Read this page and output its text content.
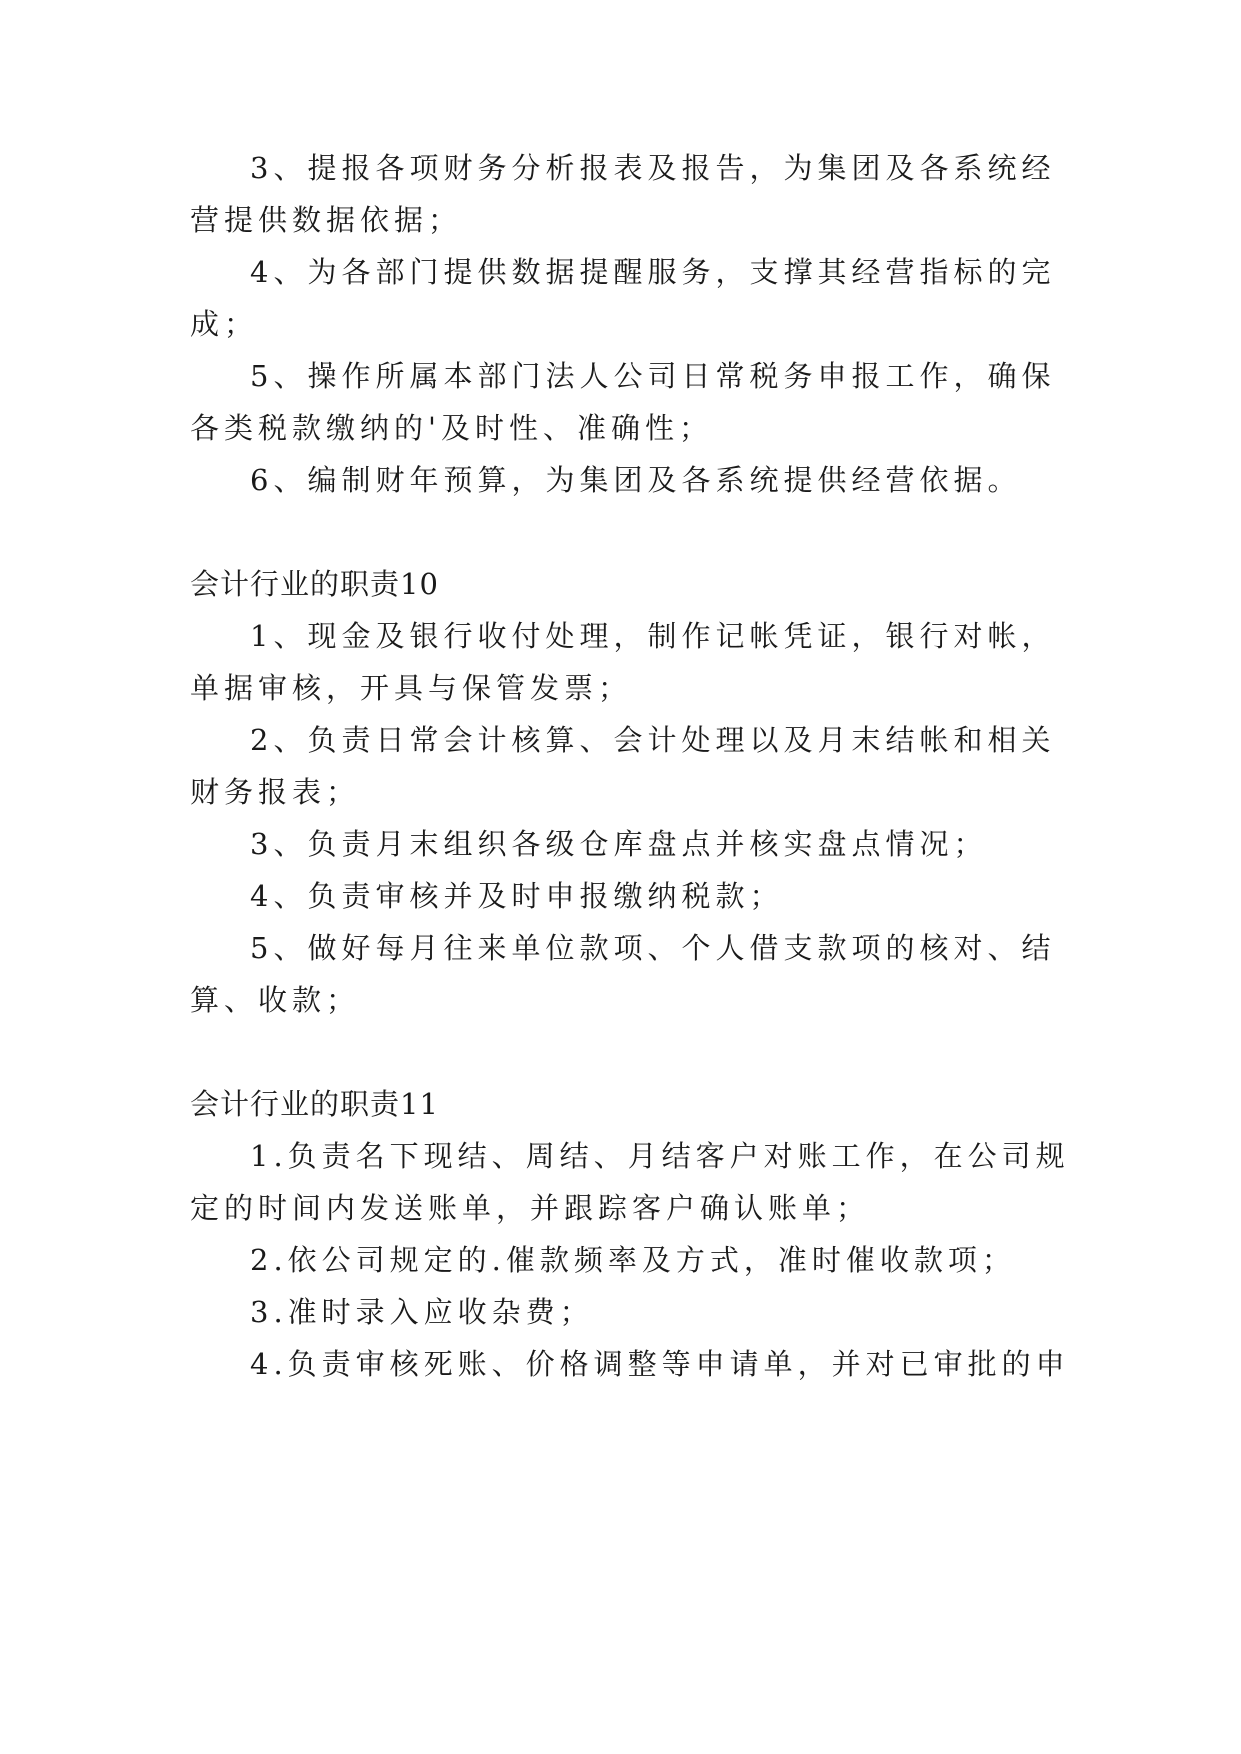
3、提报各项财务分析报表及报告，为集团及各系统经
营提供数据依据；
4、为各部门提供数据提醒服务，支撑其经营指标的完
成；
5、操作所属本部门法人公司日常税务申报工作，确保
各类税款缴纳的'及时性、准确性；
6、编制财年预算，为集团及各系统提供经营依据。
会计行业的职责10
1、现金及银行收付处理，制作记帐凭证，银行对帐，
单据审核，开具与保管发票；
2、负责日常会计核算、会计处理以及月末结帐和相关
财务报表；
3、负责月末组织各级仓库盘点并核实盘点情况；
4、负责审核并及时申报缴纳税款；
5、做好每月往来单位款项、个人借支款项的核对、结
算、收款；
会计行业的职责11
1.负责名下现结、周结、月结客户对账工作，在公司规
定的时间内发送账单，并跟踪客户确认账单；
2.依公司规定的.催款频率及方式，准时催收款项；
3.准时录入应收杂费；
4.负责审核死账、价格调整等申请单，并对已审批的申
